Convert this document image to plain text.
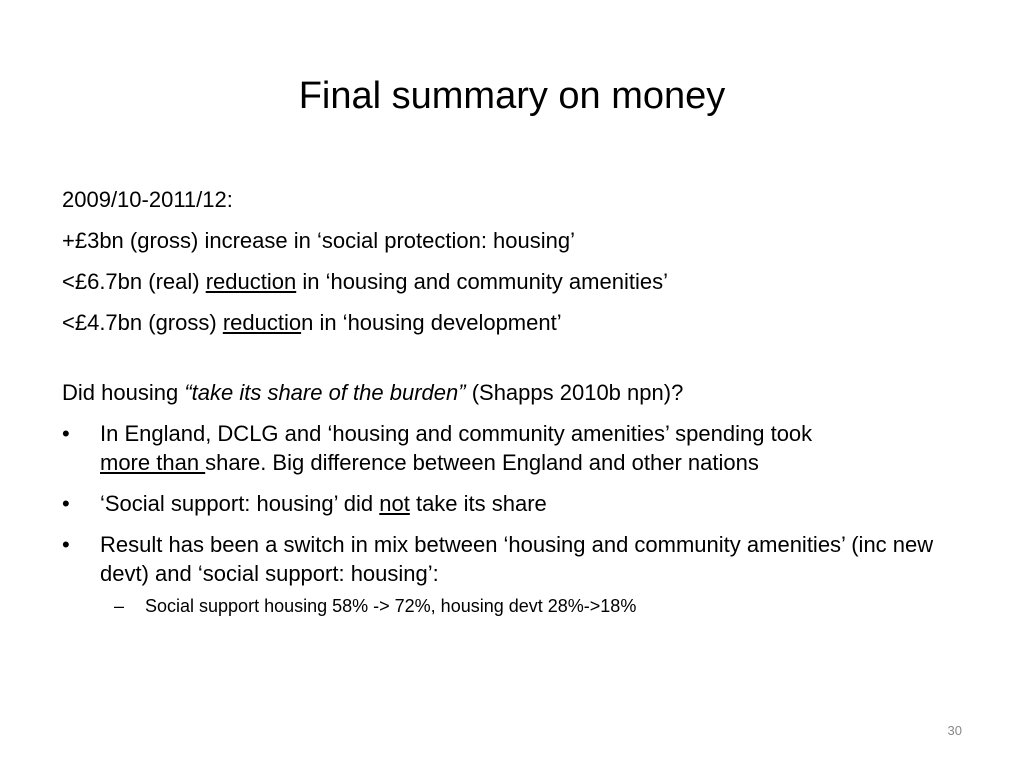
Final summary on money
2009/10-2011/12:
+£3bn (gross) increase in ‘social protection: housing’
<£6.7bn (real) reduction in ‘housing and community amenities’
<£4.7bn (gross) reduction in ‘housing development’
Did housing “take its share of the burden” (Shapps 2010b npn)?
• In England, DCLG and ‘housing and community amenities’ spending took
more than share. Big difference between England and other nations
• ‘Social support: housing’ did not take its share
• Result has been a switch in mix between ‘housing and community amenities’ (inc new devt) and ‘social support: housing’:
– Social support housing 58% -> 72%, housing devt 28%->18%
30
